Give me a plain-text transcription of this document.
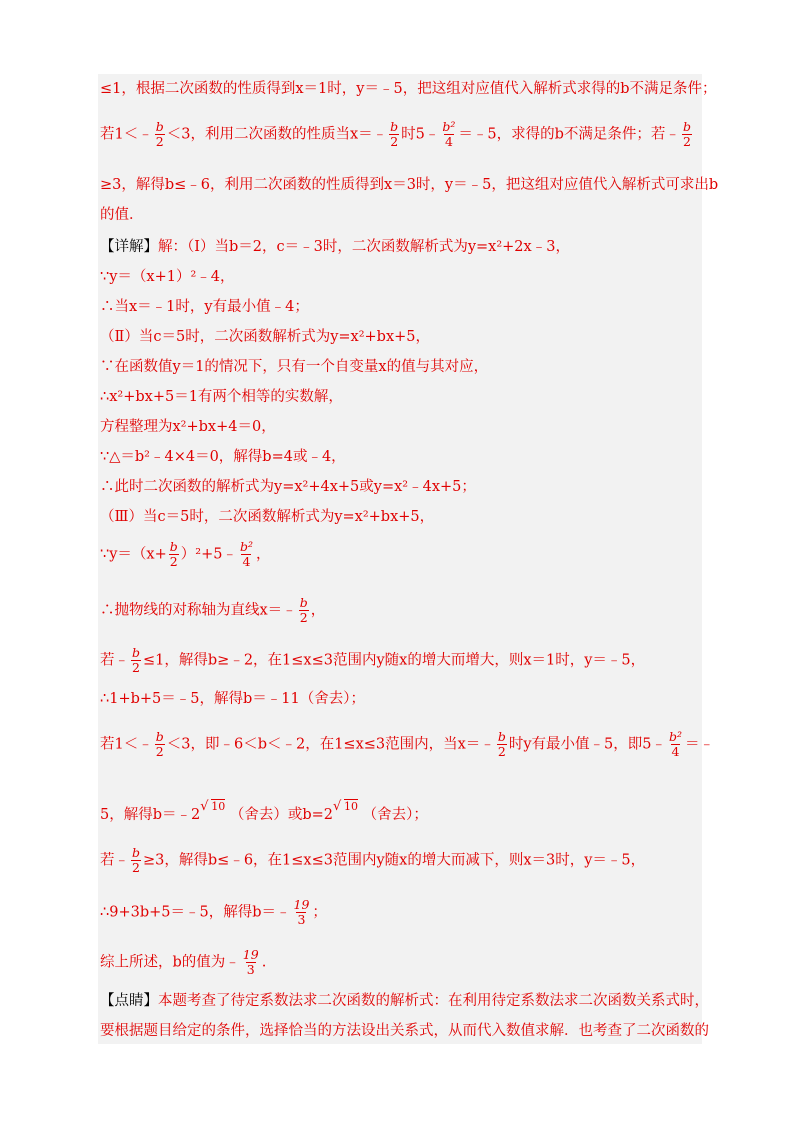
≤1，根据二次函数的性质得到x＝1时，y＝﹣5，把这组对应值代入解析式求得的b不满足条件；
若1＜﹣ $\frac{b}{2} <3$，利用二次函数的性质当x＝﹣ $\frac{b}{2}$ 时5﹣ $\frac{\text{b²}}{4}$ ＝﹣5，求得的b不满足条件；若﹣ $\frac{b}{2}$
≥3，解得b≤﹣6，利用二次函数的性质得到x＝3时，y＝﹣5，把这组对应值代入解析式可求出b
的值．
【详解】解：（Ⅰ）当b＝2，c＝﹣3时，二次函数解析式为y=x²+2x﹣3，
∵y＝（x+1）²﹣4，
∴当x＝﹣1时，y有最小值﹣4；
（Ⅱ）当c＝5时，二次函数解析式为y=x²+bx+5，
∵在函数值y＝1的情况下，只有一个自变量x的值与其对应，
∴x²+bx+5＝1有两个相等的实数解，
方程整理为x²+bx+4＝0，
∵△＝b²﹣4×4＝0，解得b=4或﹣4，
∴此时二次函数的解析式为y=x²+4x+5或y=x²﹣4x+5；
（Ⅲ）当c＝5时，二次函数解析式为y=x²+bx+5，
∵y＝（x+ $\frac{b}{2}$ ）²+5﹣ $\frac{\text{b²}}{4}$ ，
∴抛物线的对称轴为直线x＝﹣ $\frac{b}{2}$ ，
若﹣ $\frac{b}{2} \le 1$，解得b≥﹣2，在1≤x≤3范围内y随x的增大而增大，则x＝1时，y＝﹣5，
∴1+b+5＝﹣5，解得b＝﹣11（舍去）；
若1＜﹣ $\frac{b}{2} <3$，即﹣6＜b＜﹣2，在1≤x≤3范围内，当x＝﹣ $\frac{b}{2}$ 时y有最小值﹣5，即5﹣ $\frac{\text{b²}}{4}$ ＝﹣
5，解得b＝﹣2
$^{√ 10}$ （舍去）或b=2
$^{√ 10}$ （舍去）；
若﹣ $\frac{b}{2} \ge 3$，解得b≤﹣6，在1≤x≤3范围内y随x的增大而减下，则x＝3时，y＝﹣5，
∴9+3b+5＝﹣5，解得b＝﹣ $\frac{19}{3}$ ；
综上所述，b的值为﹣ $\frac{19}{3}$ .
【点睛】本题考查了待定系数法求二次函数的解析式：在利用待定系数法求二次函数关系式时，
要根据题目给定的条件，选择恰当的方法设出关系式，从而代入数值求解．也考查了二次函数的
